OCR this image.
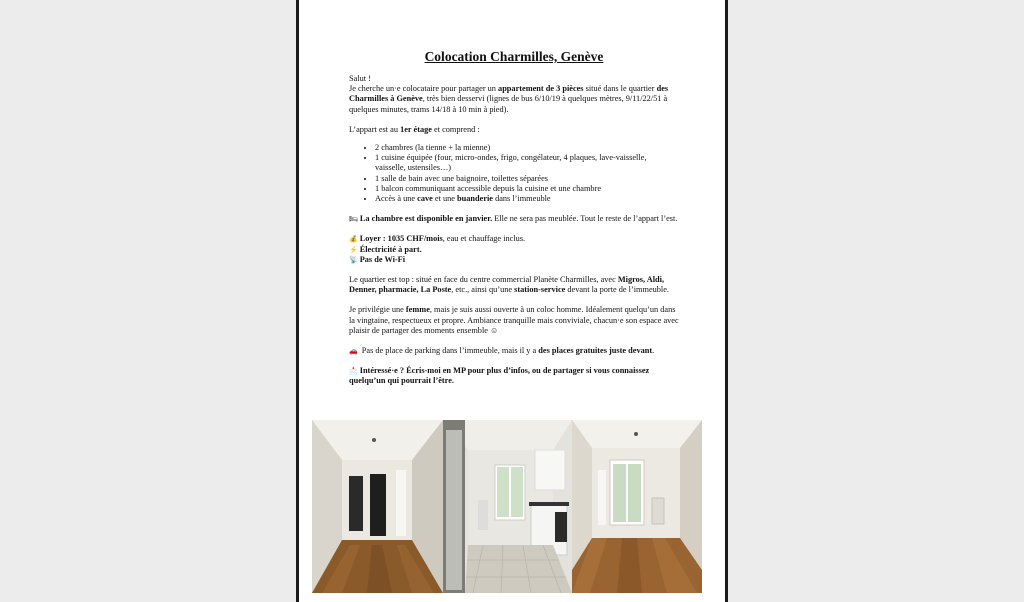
Colocation Charmilles, Genève

Salut !
Je cherche un·e colocataire pour partager un appartement de 3 pièces situé dans le quartier des Charmilles à Genève, très bien desservi (lignes de bus 6/10/19 à quelques mètres, 9/11/22/51 à quelques minutes, trams 14/18 à 10 min à pied).

L’appart est au 1er étage et comprend :

• 2 chambres (la tienne + la mienne)
• 1 cuisine équipée (four, micro-ondes, frigo, congélateur, 4 plaques, lave-vaisselle, vaisselle, ustensiles…)
• 1 salle de bain avec une baignoire, toilettes séparées
• 1 balcon communiquant accessible depuis la cuisine et une chambre
• Accès à une cave et une buanderie dans l’immeuble

🛏 La chambre est disponible en janvier. Elle ne sera pas meublée. Tout le reste de l’appart l’est.

💰 Loyer : 1035 CHF/mois, eau et chauffage inclus.
⚡ Électricité à part.
📡 Pas de Wi-Fi

Le quartier est top : situé en face du centre commercial Planète Charmilles, avec Migros, Aldi, Denner, pharmacie, La Poste, etc., ainsi qu’une station-service devant la porte de l’immeuble.

Je privilégie une femme, mais je suis aussi ouverte à un coloc homme. Idéalement quelqu’un dans la vingtaine, respectueux et propre. Ambiance tranquille mais conviviale, chacun·e son espace avec plaisir de partager des moments ensemble ☺

🚗 Pas de place de parking dans l’immeuble, mais il y a des places gratuites juste devant.

📩 Intéressé·e ? Écris-moi en MP pour plus d’infos, ou de partager si vous connaissez quelqu’un qui pourrait l’être.
